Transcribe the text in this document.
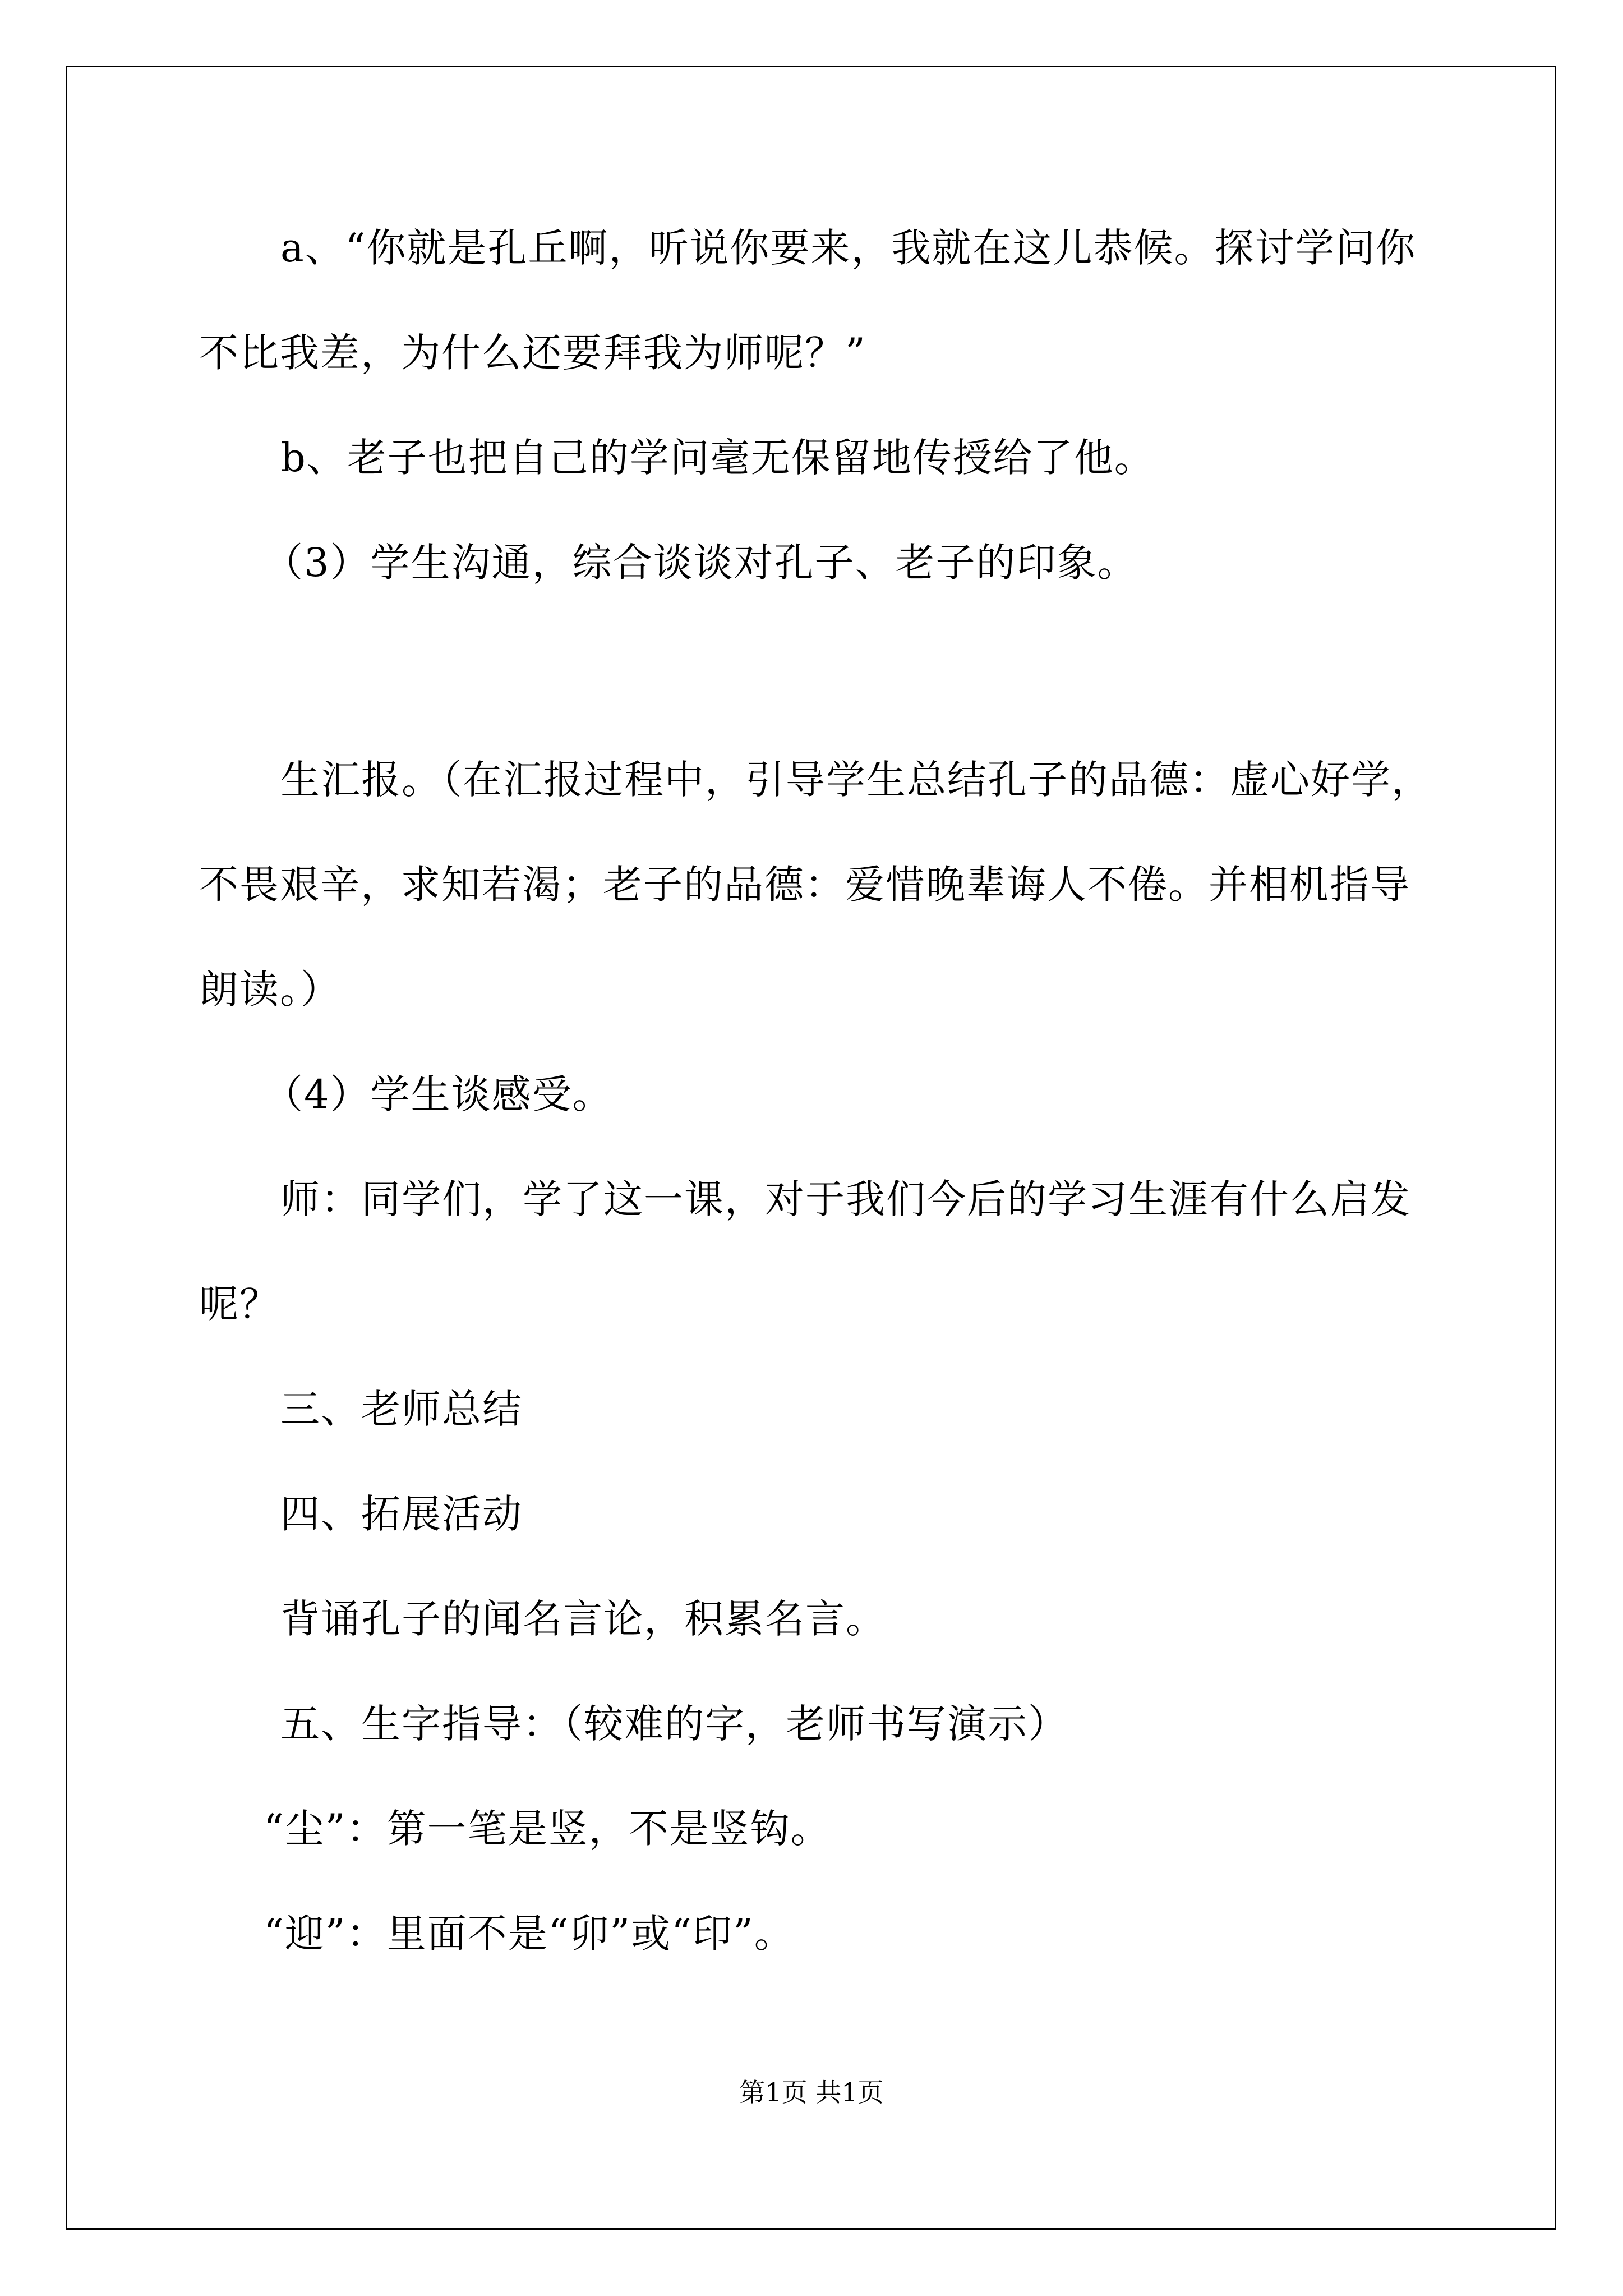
a、“你就是孔丘啊，听说你要来，我就在这儿恭候。探讨学问你
不比我差，为什么还要拜我为师呢？”
b、老子也把自己的学问毫无保留地传授给了他。
（3）学生沟通，综合谈谈对孔子、老子的印象。
生汇报。（在汇报过程中，引导学生总结孔子的品德：虚心好学，
不畏艰辛，求知若渴；老子的品德：爱惜晚辈诲人不倦。并相机指导
朗读。）
（4）学生谈感受。
师：同学们，学了这一课，对于我们今后的学习生涯有什么启发
呢？
三、老师总结
四、拓展活动
背诵孔子的闻名言论，积累名言。
五、生字指导：（较难的字，老师书写演示）
“尘”：第一笔是竖，不是竖钩。
“迎”：里面不是“卯”或“印”。
第1页 共1页
